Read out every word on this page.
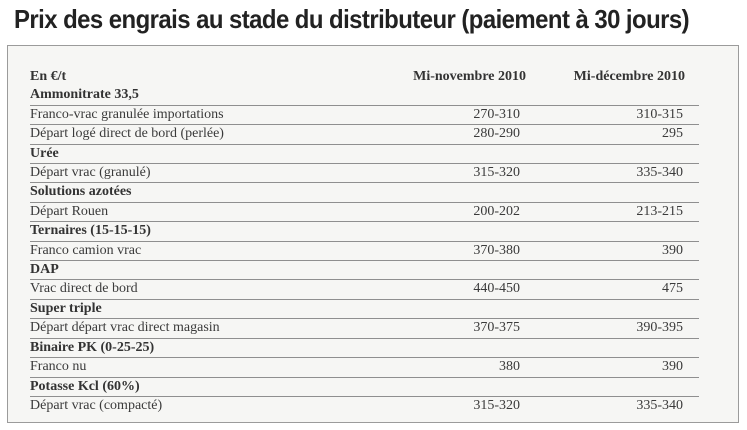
Prix des engrais au stade du distributeur (paiement à 30 jours)
En €/t	Mi-novembre 2010	Mi-décembre 2010
Ammonitrate 33,5		
Franco-vrac granulée importations	270-310	310-315
Départ logé direct de bord (perlée)	280-290	295
Urée		
Départ vrac (granulé)	315-320	335-340
Solutions azotées		
Départ Rouen	200-202	213-215
Ternaires (15-15-15)		
Franco camion vrac	370-380	390
DAP		
Vrac direct de bord	440-450	475
Super triple		
Départ départ vrac direct magasin	370-375	390-395
Binaire PK (0-25-25)		
Franco nu	380	390
Potasse Kcl (60%)		
Départ vrac (compacté)	315-320	335-340
